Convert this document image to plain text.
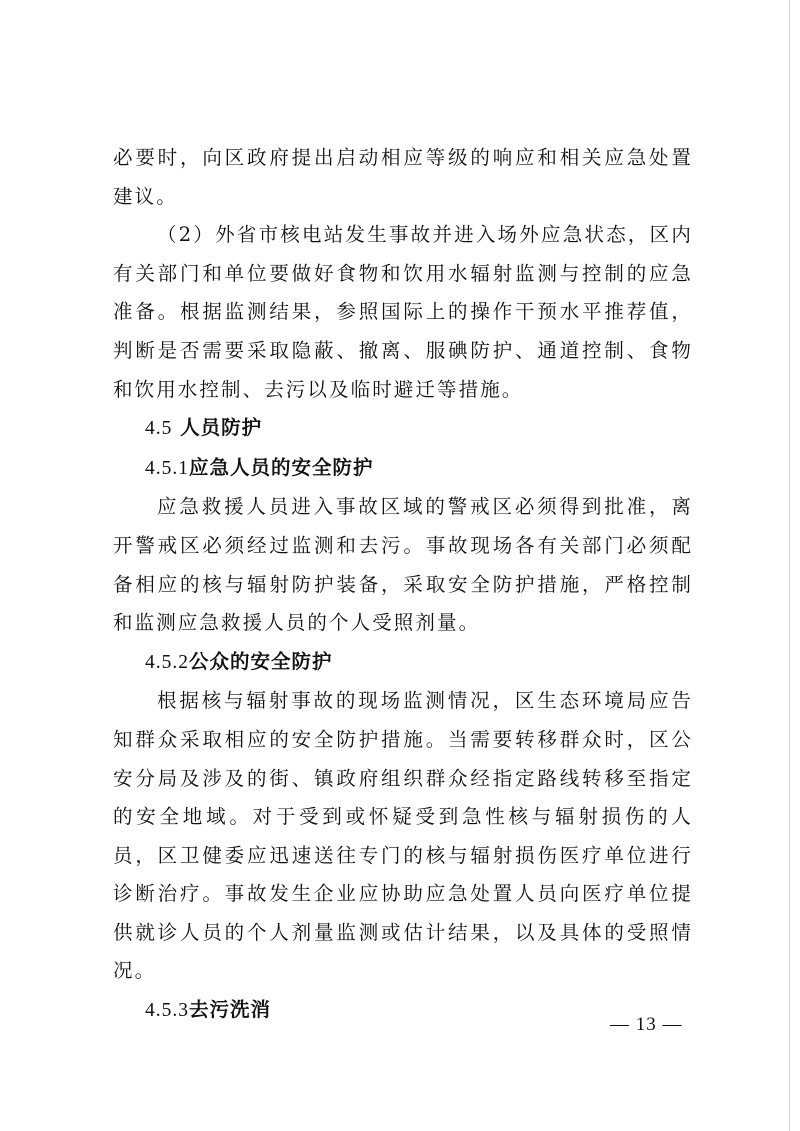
必要时，向区政府提出启动相应等级的响应和相关应急处置建议。

（2）外省市核电站发生事故并进入场外应急状态，区内有关部门和单位要做好食物和饮用水辐射监测与控制的应急准备。根据监测结果，参照国际上的操作干预水平推荐值，判断是否需要采取隐蔽、撤离、服碘防护、通道控制、食物和饮用水控制、去污以及临时避迁等措施。

4.5 人员防护

4.5.1应急人员的安全防护

应急救援人员进入事故区域的警戒区必须得到批准，离开警戒区必须经过监测和去污。事故现场各有关部门必须配备相应的核与辐射防护装备，采取安全防护措施，严格控制和监测应急救援人员的个人受照剂量。

4.5.2公众的安全防护

根据核与辐射事故的现场监测情况，区生态环境局应告知群众采取相应的安全防护措施。当需要转移群众时，区公安分局及涉及的街、镇政府组织群众经指定路线转移至指定的安全地域。对于受到或怀疑受到急性核与辐射损伤的人员，区卫健委应迅速送往专门的核与辐射损伤医疗单位进行诊断治疗。事故发生企业应协助应急处置人员向医疗单位提供就诊人员的个人剂量监测或估计结果，以及具体的受照情况。

4.5.3去污洗消

— 13 —
